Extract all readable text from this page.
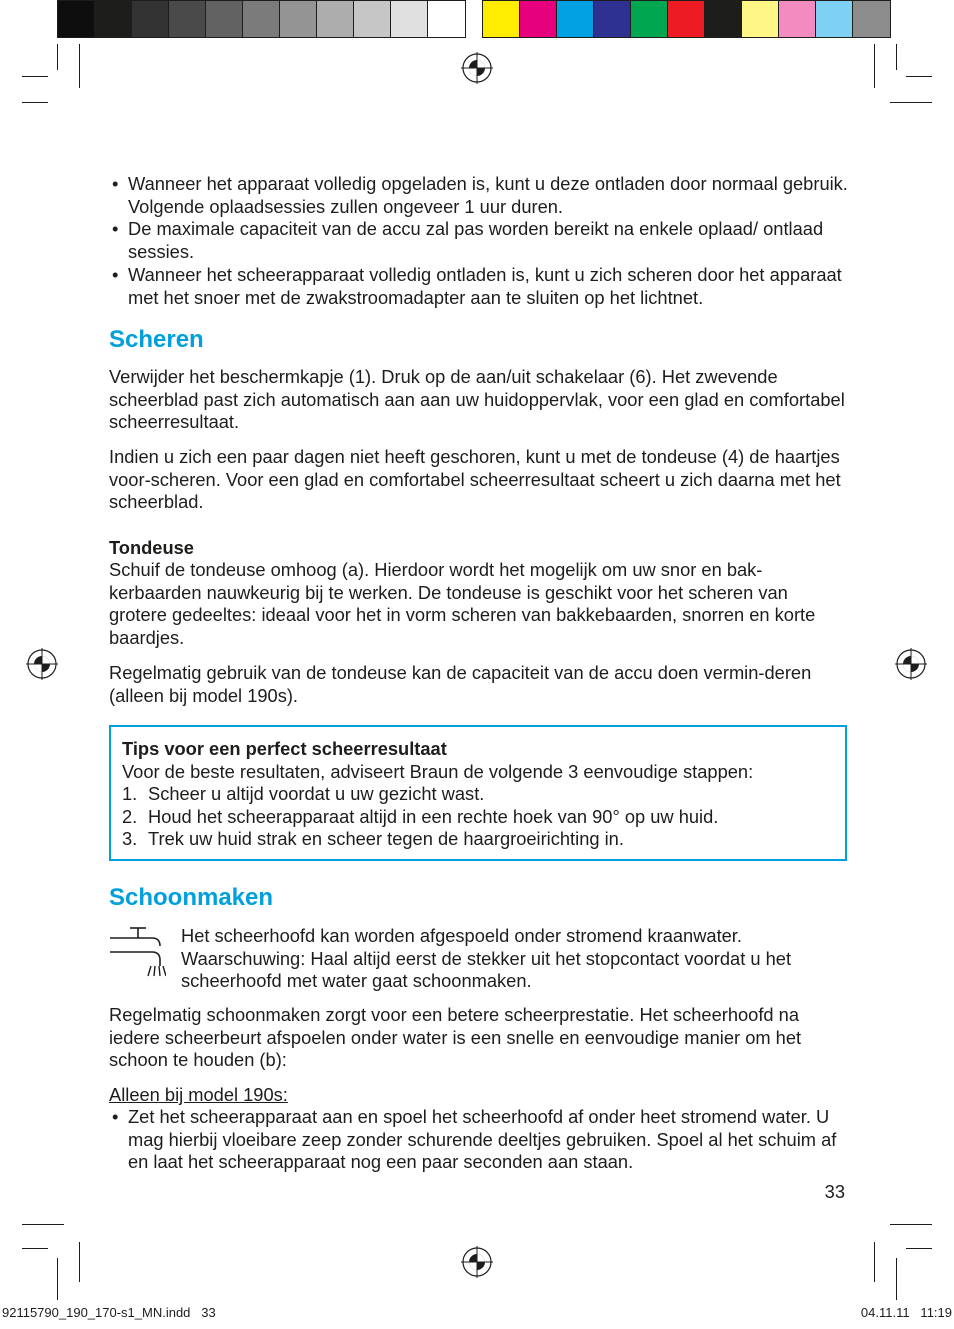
• Wanneer het apparaat volledig opgeladen is, kunt u deze ontladen door normaal gebruik. Volgende oplaadsessies zullen ongeveer 1 uur duren.
• De maximale capaciteit van de accu zal pas worden bereikt na enkele oplaad/ ontlaad sessies.
• Wanneer het scheerapparaat volledig ontladen is, kunt u zich scheren door het apparaat met het snoer met de zwakstroomadapter aan te sluiten op het lichtnet.
Scheren
Verwijder het beschermkapje (1). Druk op de aan/uit schakelaar (6). Het zwevende scheerblad past zich automatisch aan aan uw huidoppervlak, voor een glad en comfortabel scheerresultaat.
Indien u zich een paar dagen niet heeft geschoren, kunt u met de tondeuse (4) de haartjes voor-scheren. Voor een glad en comfortabel scheerresultaat scheert u zich daarna met het scheerblad.
Tondeuse
Schuif de tondeuse omhoog (a). Hierdoor wordt het mogelijk om uw snor en bak-kerbaarden nauwkeurig bij te werken. De tondeuse is geschikt voor het scheren van grotere gedeeltes: ideaal voor het in vorm scheren van bakkebaarden, snorren en korte baardjes.
Regelmatig gebruik van de tondeuse kan de capaciteit van de accu doen vermin-deren (alleen bij model 190s).
Tips voor een perfect scheerresultaat
Voor de beste resultaten, adviseert Braun de volgende 3 eenvoudige stappen:
1. Scheer u altijd voordat u uw gezicht wast.
2. Houd het scheerapparaat altijd in een rechte hoek van 90° op uw huid.
3. Trek uw huid strak en scheer tegen de haargroeirichting in.
Schoonmaken
Het scheerhoofd kan worden afgespoeld onder stromend kraanwater. Waarschuwing: Haal altijd eerst de stekker uit het stopcontact voordat u het scheerhoofd met water gaat schoonmaken.
Regelmatig schoonmaken zorgt voor een betere scheerprestatie. Het scheerhoofd na iedere scheerbeurt afspoelen onder water is een snelle en eenvoudige manier om het schoon te houden (b):
Alleen bij model 190s:
• Zet het scheerapparaat aan en spoel het scheerhoofd af onder heet stromend water. U mag hierbij vloeibare zeep zonder schurende deeltjes gebruiken. Spoel al het schuim af en laat het scheerapparaat nog een paar seconden aan staan.
33
92115790_190_170-s1_MN.indd   33	04.11.11   11:19
